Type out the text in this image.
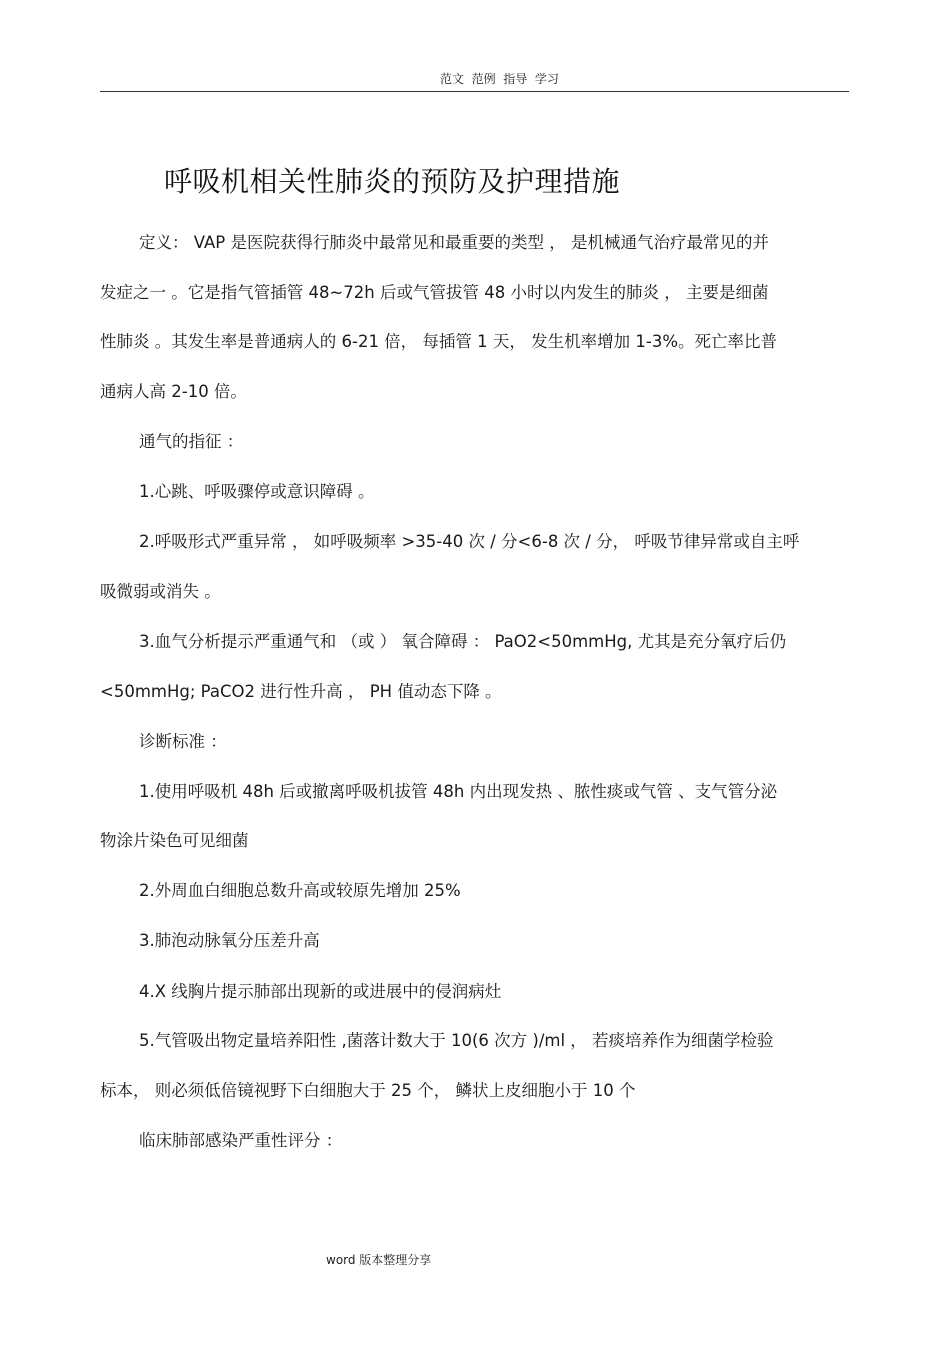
范文  范例  指导  学习
呼吸机相关性肺炎的预防及护理措施
定义： VAP 是医院获得行肺炎中最常见和最重要的类型 ， 是机械通气治疗最常见的并
发症之一 。它是指气管插管 48~72h 后或气管拔管 48 小时以内发生的肺炎 ， 主要是细菌
性肺炎 。其发生率是普通病人的 6-21 倍， 每插管 1 天， 发生机率增加 1-3%。死亡率比普
通病人高 2-10 倍。
通气的指征 ：
1.心跳、呼吸骤停或意识障碍 。
2.呼吸形式严重异常 ， 如呼吸频率 >35-40 次 / 分<6-8 次 / 分， 呼吸节律异常或自主呼
吸微弱或消失 。
3.血气分析提示严重通气和 （或 ） 氧合障碍 ： PaO2<50mmHg, 尤其是充分氧疗后仍
<50mmHg; PaCO2 进行性升高 ， PH 值动态下降 。
诊断标准 ：
1.使用呼吸机 48h 后或撤离呼吸机拔管 48h 内出现发热 、脓性痰或气管 、支气管分泌
物涂片染色可见细菌
2.外周血白细胞总数升高或较原先增加 25%
3.肺泡动脉氧分压差升高
4.X 线胸片提示肺部出现新的或进展中的侵润病灶
5.气管吸出物定量培养阳性 ,菌落计数大于 10(6 次方 )/ml ， 若痰培养作为细菌学检验
标本， 则必须低倍镜视野下白细胞大于 25 个， 鳞状上皮细胞小于 10 个
临床肺部感染严重性评分 ：
word 版本整理分享
